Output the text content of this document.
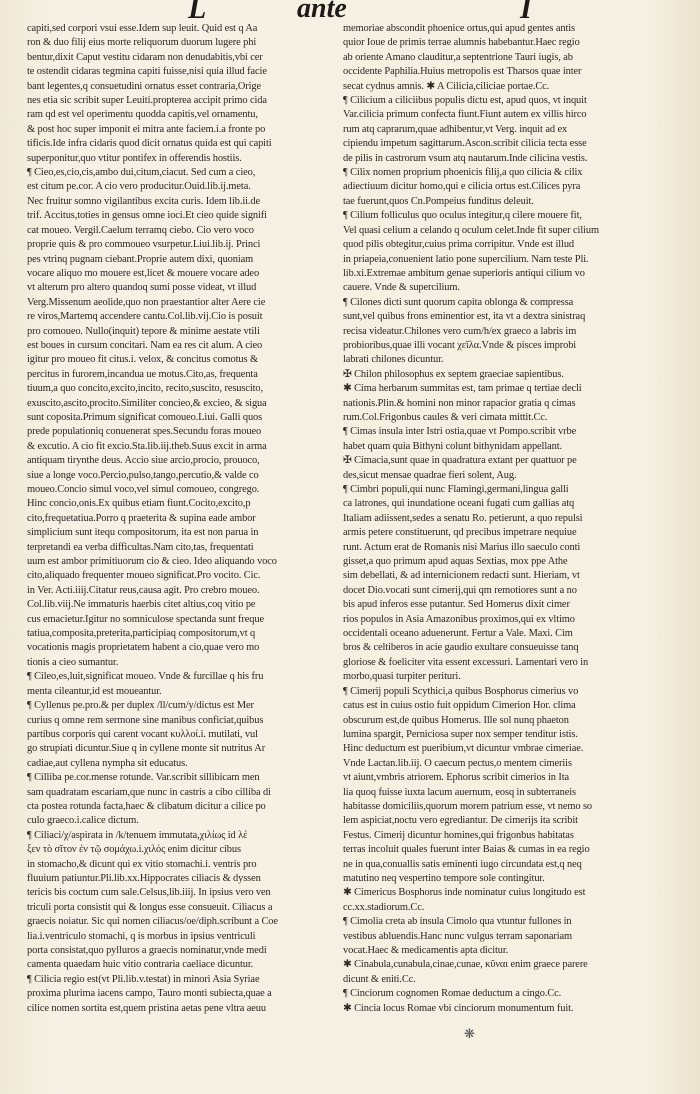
L	ante	I
capiti,sed corpori vsui esse.Idem sup leuit. Quid est q Aa
ron & duo filij eius morte reliquorum duorum lugere phi
bentur,dixit Caput vestitu cidaram non denudabitis,vbi cer
te ostendit cidaras tegmina capiti fuisse,nisi quia illud facie
bant legentes,q consuetudini ornatus esset contraria,Orige
nes etia sic scribit super Leuiti.propterea accipit primo cida
ram qd est vel operimentu quodda capitis,vel ornamentu,
& post hoc super imponit ei mitra ante faciem.i.a fronte po
tificis.Ide infra cidaris quod dicit ornatus quida est qui capiti
superponitur,quo vtitur pontifex in offerendis hostiis.
¶ Cieo,es,cio,cis,ambo dui,citum,ciacut. Sed cum a cieo,
est citum pe.cor. A cio vero producitur.Ouid.lib.ij.meta.
Nec fruitur somno vigilantibus excita curis. Idem lib.ii.de
trif. Accitus,toties in gensus omne ioci.Et cieo quide signifi
cat moueo. Vergil.Caelum terramq ciebo. Cio vero voco
proprie quis & pro commoueo vsurpetur.Liui.lib.ij. Princi
pes vtrinq pugnam ciebant.Proprie autem dixi, quoniam
vocare aliquo mo mouere est,licet & mouere vocare adeo
vt alterum pro altero quandoq sumi posse videat, vt illud
Verg.Missenum aeolide,quo non praestantior alter Aere cie
re viros,Martemq accendere cantu.Col.lib.vij.Cio is posuit
pro comoueo. Nullo(inquit) tepore & minime aestate vtili
est boues in cursum concitari. Nam ea res cit alum. A cieo
igitur pro moueo fit citus.i. velox, & concitus comotus &
percitus in furorem,incandua ue motus.Cito,as, frequenta
tiuum,a quo concito,excito,incito, recito,suscito, resuscito,
exuscito,ascito,procito.Similiter concieo,& excieo, & sigua
sunt coposita.Primum significat comoueo.Liui. Galli quos
prede populationiq conuenerat spes.Secundu foras moueo
& excutio. A cio fit excio.Sta.lib.iij.theb.Suus excit in arma
antiquam tirynthe deus. Accio siue arcio,procio, prouoco,
siue a longe voco.Percio,pulso,tango,percutio,& valde co
moueo.Concio simul voco,vel simul comoueo, congrego.
Hinc concio,onis.Ex quibus etiam fiunt.Cocito,excito,p
cito,frequetatiua.Porro q praeterita & supina eade ambor
simplicium sunt itequ compositorum, ita est non parua in
terpretandi ea verba difficultas.Nam cito,tas, frequentati
uum est ambor primitiuorum cio & cieo. Ideo aliquando voco
cito,aliquado frequenter moueo significat.Pro vocito. Cic.
in Ver. Acti.iiij.Citatur reus,causa agit. Pro crebro moueo.
Col.lib.viij.Ne immaturis haerbis citet altius,coq vitio pe
cus emacietur.Igitur no somniculose spectanda sunt freque
tatiua,composita,preterita,participiaq compositorum,vt q
vocationis magis proprietatem habent a cio,quae vero mo
tionis a cieo sumantur.
¶ Cileo,es,luit,significat moueo. Vnde & furcillae q his fru
menta cileantur,id est moueantur.
¶ Cyllenus pe.pro.& per duplex /ll/cum/y/dictus est Mer
curius q omne rem sermone sine manibus conficiat,quibus
partibus corporis qui carent vocant κυλλοί.i. mutilati, vul
go strupiati dicuntur.Siue q in cyllene monte sit nutritus Ar
cadiae,aut cyllena nympha sit educatus.
¶ Cilliba pe.cor.mense rotunde. Var.scribit sillibicam men
sam quadratam escariam,que nunc in castris a cibo cilliba di
cta postea rotunda facta,haec & clibatum dicitur a cilice po
culo graeco.i.calice dictum.
¶ Ciliaci/χ/aspirata in /k/tenuem immutata,χιλίως id λέ
ξεν τὸ σῖτον ἐν τῷ σομάχω.i.χιλός enim dicitur cibus
in stomacho,& dicunt qui ex vitio stomachi.i. ventris pro
fluuium patiuntur.Pli.lib.xx.Hippocrates ciliacis & dyssen
tericis bis coctum cum sale.Celsus,lib.iiij. In ipsius vero ven
triculi porta consistit qui & longus esse consueuit. Ciliacus a
graecis noiatur. Sic qui nomen ciliacus/oe/diph.scribunt a Coe
lia.i.ventriculo stomachi, q is morbus in ipsius ventriculi
porta consistat,quo pylluros a graecis nominatur,vnde medi
camenta quaedam huic vitio contraria caeliace dicuntur.
¶ Cilicia regio est(vt Pli.lib.v.testat) in minori Asia Syriae
proxima plurima iacens campo, Tauro monti subiecta,quae a
cilice nomen sortita est,quem pristina aetas pene vltra aeuu
memoriae abscondit phoenice ortus,qui apud gentes antis
quior Ioue de primis terrae alumnis habebantur.Haec regio
ab oriente Amano clauditur,a septentrione Tauri iugis, ab
occidente Paphilia.Huius metropolis est Tharsos quae inter
secat cydnus amnis. ✱ A Cilicia,ciliciae portae.Cc.
¶ Cilicium a ciliciibus populis dictu est, apud quos, vt inquit
Var.cilicia primum confecta fiunt.Fiunt autem ex villis hirco
rum atq caprarum,quae adhibentur,vt Verg. inquit ad ex
cipiendu impetum sagittarum.Ascon.scribit cilicia tecta esse
de pilis in castrorum vsum atq nautarum.Inde cilicina vestis.
¶ Cilix nomen proprium phoenicis filij,a quo cilicia & cilix
adiectiuum dicitur homo,qui e cilicia ortus est.Cilices pyra
tae fuerunt,quos Cn.Pompeius funditus deleuit.
¶ Cilium folliculus quo oculus integitur,q cilere mouere fit,
Vel quasi celium a celando q oculum celet.Inde fit super cilium
quod pilis obtegitur,cuius prima corripitur. Vnde est illud
in priapeia,conuenient latio pone supercilium. Nam teste Pli.
lib.xi.Extremae ambitum genae superioris antiqui cilium vo
cauere. Vnde & supercilium.
¶ Cilones dicti sunt quorum capita oblonga & compressa
sunt,vel quibus frons eminentior est, ita vt a dextra sinistraq
recisa videatur.Chilones vero cum/h/ex graeco a labris im
probioribus,quae illi vocant χεῖλα.Vnde & pisces improbi
labrati chilones dicuntur.
✠ Chilon philosophus ex septem graeciae sapientibus.
✱ Cima herbarum summitas est, tam primae q tertiae decli
nationis.Plin.& homini non minor rapacior gratia q cimas
rum.Col.Frigonbus caules & veri cimata mittit.Cc.
¶ Cimas insula inter Istri ostia,quae vt Pompo.scribit vrbe
habet quam quia Bithyni colunt bithynidam appellant.
✠ Cimacia,sunt quae in quadratura extant per quattuor pe
des,sicut mensae quadrae fieri solent, Aug.
¶ Cimbri populi,qui nunc Flamingi,germani,lingua galli
ca latrones, qui inundatione oceani fugati cum gallias atq
Italiam adiissent,sedes a senatu Ro. petierunt, a quo repulsi
armis petere constituerunt, qd precibus impetrare nequiue
runt. Actum erat de Romanis nisi Marius illo saeculo conti
gisset,a quo primum apud aquas Sextias, mox ppe Athe
sim debellati, & ad internicionem redacti sunt. Hieriam, vt
docet Dio.vocati sunt cimerij,qui qm remotiores sunt a no
bis apud inferos esse putantur. Sed Homerus dixit cimer
rios populos in Asia Amazonibus proximos,qui ex vltimo
occidentali oceano aduenerunt. Fertur a Vale. Maxi. Cim
bros & celtiberos in acie gaudio exultare consueuisse tanq
gloriose & foeliciter vita essent excessuri. Lamentari vero in
morbo,quasi turpiter perituri.
¶ Cimerij populi Scythici,a quibus Bosphorus cimerius vo
catus est in cuius ostio fuit oppidum Cimerion Hor. clima
obscurum est,de quibus Homerus. Ille sol nunq phaeton
lumina spargit, Perniciosa super nox semper tenditur istis.
Hinc deductum est pueribium,vt dicuntur vmbrae cimeriae.
Vnde Lactan.lib.iij. O caecum pectus,o mentem cimeriis
vt aiunt,vmbris atriorem. Ephorus scribit cimerios in Ita
lia quoq fuisse iuxta lacum auernum, eosq in subterraneis
habitasse domiciliis,quorum morem patrium esse, vt nemo so
lem aspiciat,noctu vero egrediantur. De cimerijs ita scribit
Festus. Cimerij dicuntur homines,qui frigonbus habitatas
terras incoluit quales fuerunt inter Baias & cumas in ea regio
ne in qua,conuallis satis eminenti iugo circundata est,q neq
matutino neq vespertino tempore sole contingitur.
✱ Cimericus Bosphorus inde nominatur cuius longitudo est
cc.xx.stadiorum.Cc.
¶ Cimolia creta ab insula Cimolo qua vtuntur fullones in
vestibus abluendis.Hanc nunc vulgus terram saponariam
vocat.Haec & medicamentis apta dicitur.
✱ Cinabula,cunabula,cinae,cunae, κῦναι enim graece parere
dicunt & eniti.Cc.
¶ Cinciorum cognomen Romae deductum a cingo.Cc.
✱ Cincia locus Romae vbi cinciorum monumentum fuit.
❋
